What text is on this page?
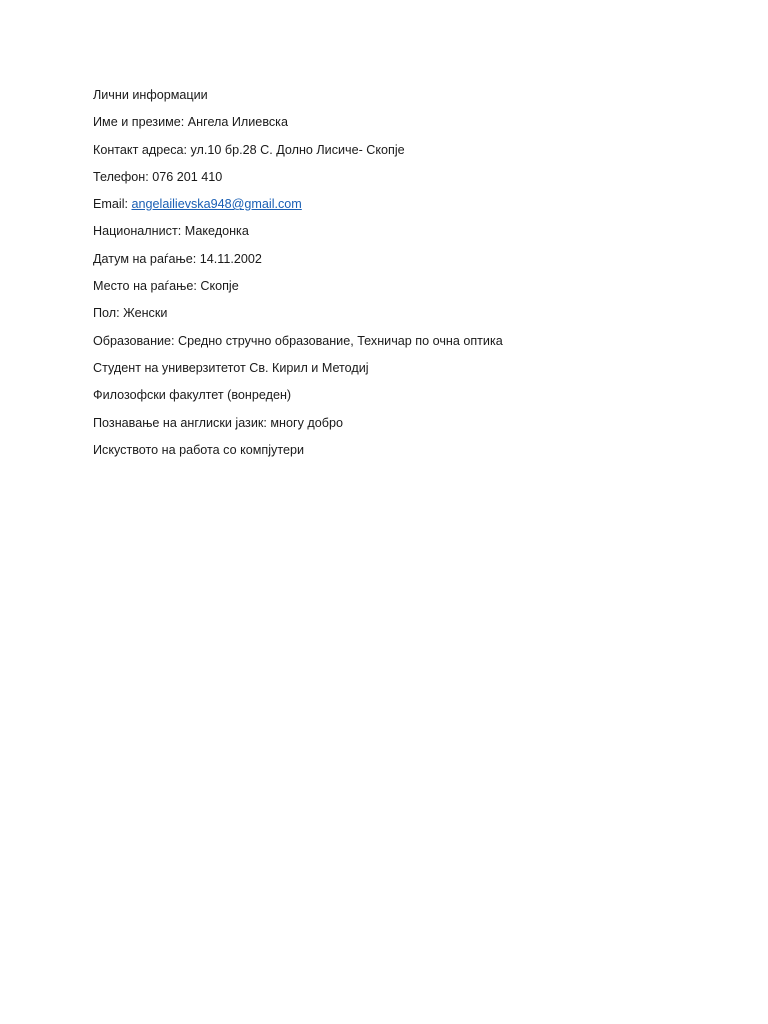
Лични информации
Име и презиме: Ангела Илиевска
Контакт адреса: ул.10 бр.28 С. Долно Лисиче- Скопје
Телефон: 076 201 410
Email: angelailievska948@gmail.com
Националнист: Македонка
Датум на раѓање: 14.11.2002
Место на раѓање: Скопје
Пол: Женски
Образование: Средно стручно образование, Техничар по очна оптика
Студент на универзитетот Св. Кирил и Методиј
Филозофски факултет (вонреден)
Познавање на англиски јазик: многу добро
Искуството на работа со компјутери
